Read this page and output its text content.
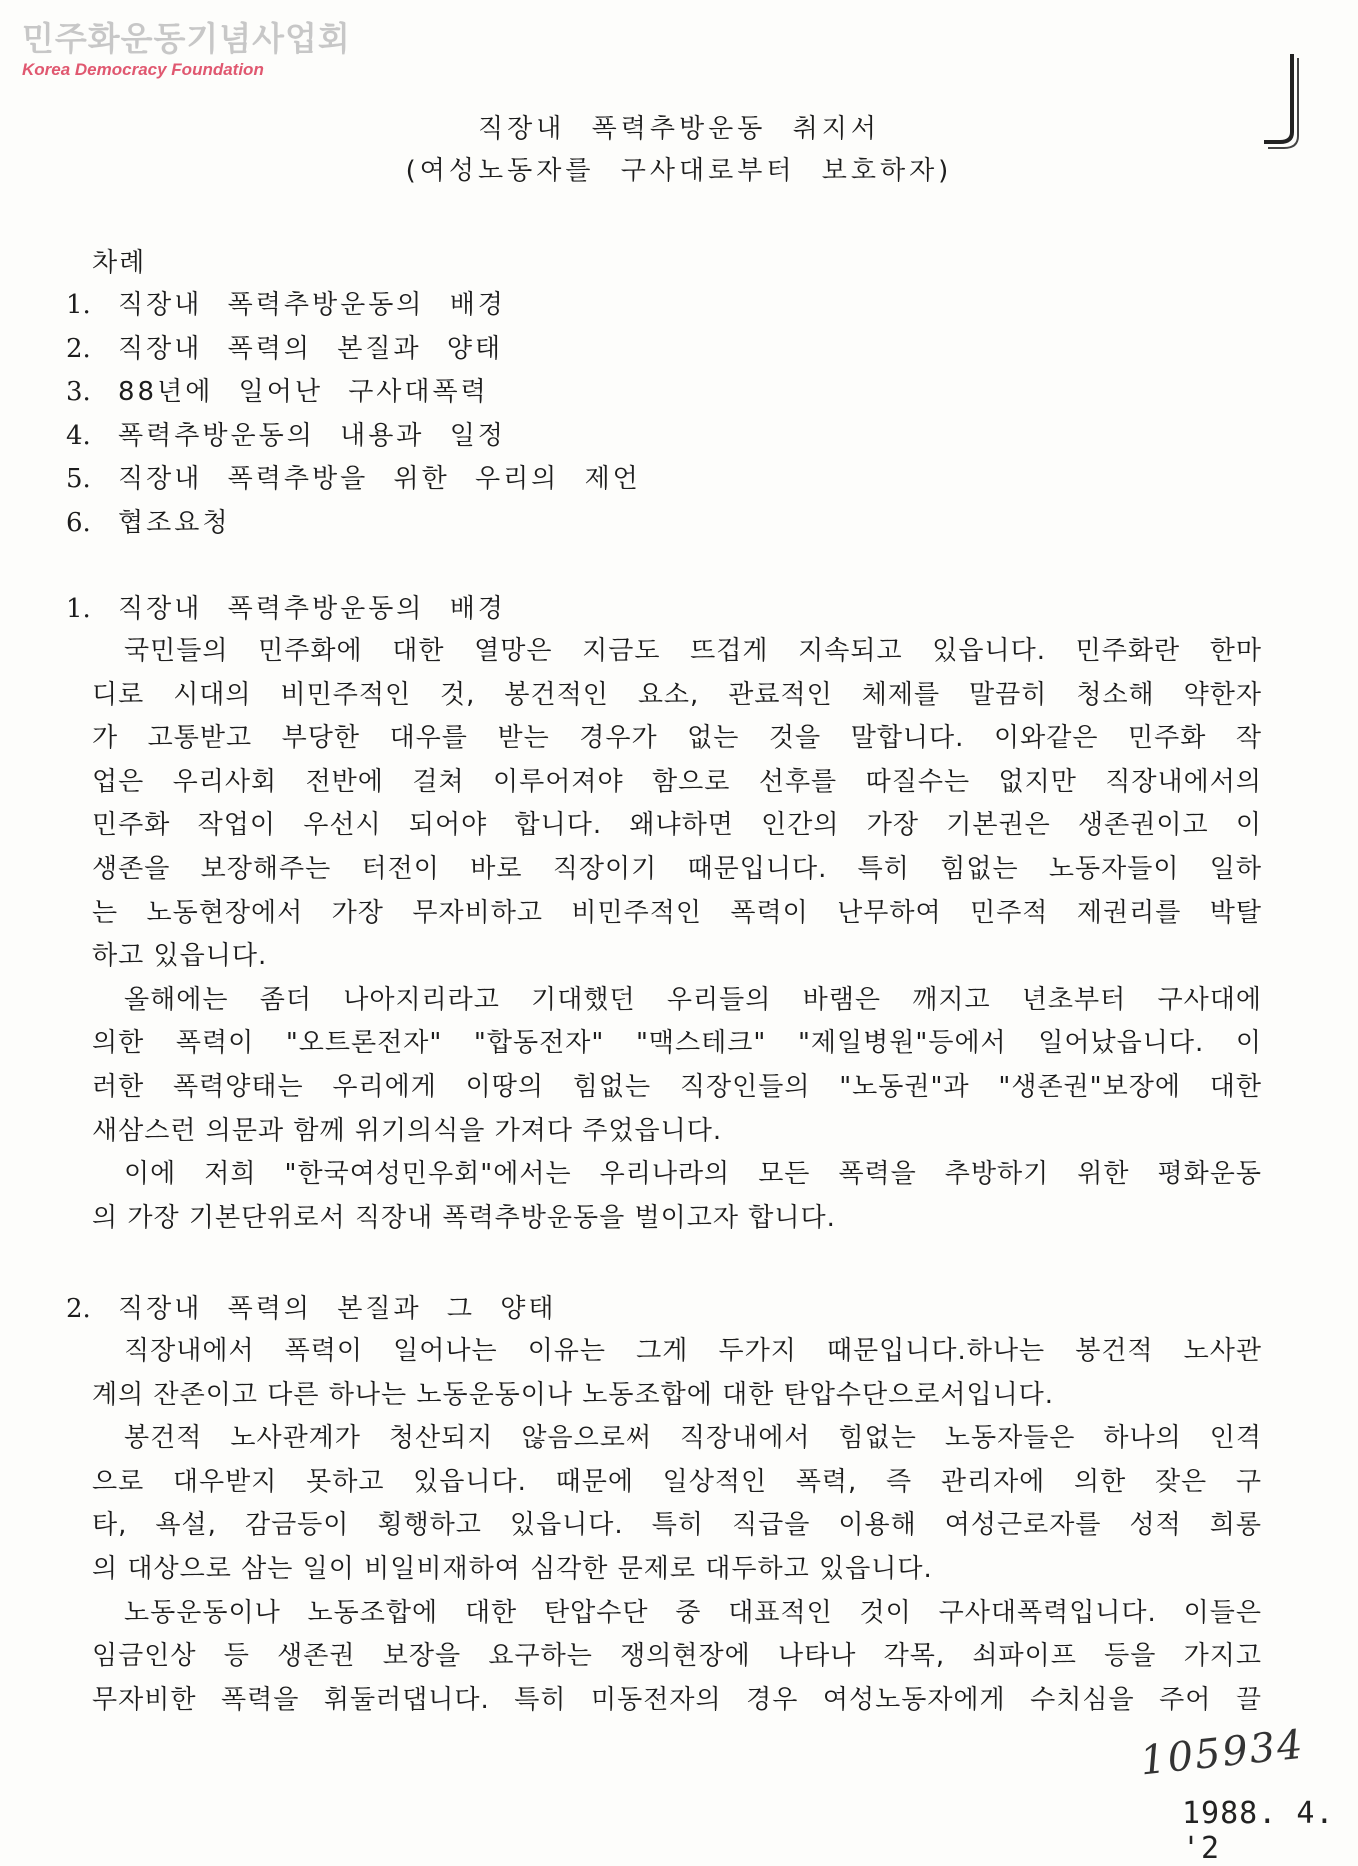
민주화운동기념사업회
Korea Democracy Foundation
직장내 폭력추방운동 취지서
(여성노동자를 구사대로부터 보호하자)
차례
1. 직장내 폭력추방운동의 배경
2. 직장내 폭력의 본질과 양태
3. 88년에 일어난 구사대폭력
4. 폭력추방운동의 내용과 일정
5. 직장내 폭력추방을 위한 우리의 제언
6. 협조요청
1. 직장내 폭력추방운동의 배경
국민들의 민주화에 대한 열망은 지금도 뜨겁게 지속되고 있읍니다. 민주화란 한마
디로 시대의 비민주적인 것, 봉건적인 요소, 관료적인 체제를 말끔히 청소해 약한자
가 고통받고 부당한 대우를 받는 경우가 없는 것을 말합니다. 이와같은 민주화 작
업은 우리사회 전반에 걸쳐 이루어져야 함으로 선후를 따질수는 없지만 직장내에서의
민주화 작업이 우선시 되어야 합니다. 왜냐하면 인간의 가장 기본권은 생존권이고 이
생존을 보장해주는 터전이 바로 직장이기 때문입니다. 특히 힘없는 노동자들이 일하
는 노동현장에서 가장 무자비하고 비민주적인 폭력이 난무하여 민주적 제권리를 박탈
하고 있읍니다.
올해에는 좀더 나아지리라고 기대했던 우리들의 바램은 깨지고 년초부터 구사대에
의한 폭력이 "오트론전자" "합동전자" "맥스테크" "제일병원"등에서 일어났읍니다. 이
러한 폭력양태는 우리에게 이땅의 힘없는 직장인들의 "노동권"과 "생존권"보장에 대한
새삼스런 의문과 함께 위기의식을 가져다 주었읍니다.
이에 저희 "한국여성민우회"에서는 우리나라의 모든 폭력을 추방하기 위한 평화운동
의 가장 기본단위로서 직장내 폭력추방운동을 벌이고자 합니다.
2. 직장내 폭력의 본질과 그 양태
직장내에서 폭력이 일어나는 이유는 그게 두가지 때문입니다.하나는 봉건적 노사관
계의 잔존이고 다른 하나는 노동운동이나 노동조합에 대한 탄압수단으로서입니다.
봉건적 노사관계가 청산되지 않음으로써 직장내에서 힘없는 노동자들은 하나의 인격
으로 대우받지 못하고 있읍니다. 때문에 일상적인 폭력, 즉 관리자에 의한 잦은 구
타, 욕설, 감금등이 횡행하고 있읍니다. 특히 직급을 이용해 여성근로자를 성적 희롱
의 대상으로 삼는 일이 비일비재하여 심각한 문제로 대두하고 있읍니다.
노동운동이나 노동조합에 대한 탄압수단 중 대표적인 것이 구사대폭력입니다. 이들은
임금인상 등 생존권 보장을 요구하는 쟁의현장에 나타나 각목, 쇠파이프 등을 가지고
무자비한 폭력을 휘둘러댑니다. 특히 미동전자의 경우 여성노동자에게 수치심을 주어 끌
105934
1988. 4. '2
